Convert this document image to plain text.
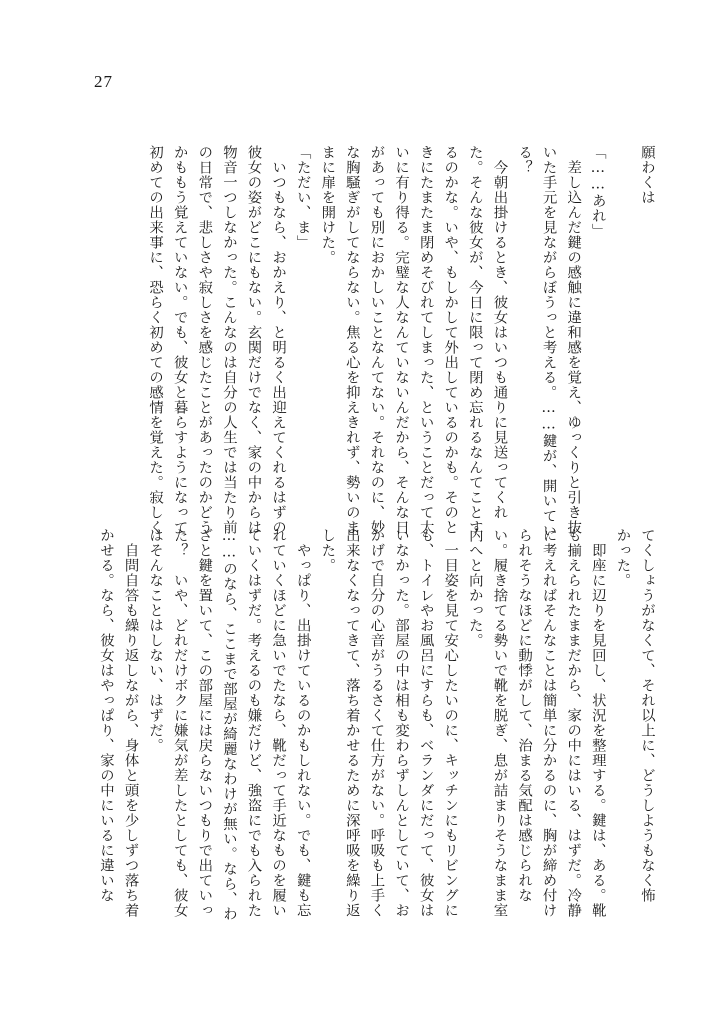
27
願わくは

「……あれ」
　差し込んだ鍵の感触に違和感を覚え、ゆっくりと引き抜
いた手元を見ながらぼうっと考える。……鍵が、開いてい
る？
　今朝出掛けるとき、彼女はいつも通りに見送ってくれ
た。そんな彼女が、今日に限って閉め忘れるなんてことす
るのかな。いや、もしかして外出しているのかも。そのと
きにたまたま閉めそびれてしまった、ということだって大
いに有り得る。完璧な人なんていないんだから、そんな日
があっても別におかしいことなんてない。それなのに、妙
な胸騒ぎがしてならない。焦る心を抑えきれず、勢いのま
まに扉を開けた。
「ただい、ま」
　いつもなら、おかえり、と明るく出迎えてくれるはずの
彼女の姿がどこにもない。玄関だけでなく、家の中からは
物音一つしなかった。こんなのは自分の人生では当たり前
の日常で、悲しさや寂しさを感じたことがあったのかどう
かももう覚えていない。でも、彼女と暮らすようになって
初めての出来事に、恐らく初めての感情を覚えた。寂しく
てくしょうがなくて、それ以上に、どうしようもなく怖
かった。
　即座に辺りを見回し、状況を整理する。鍵は、ある。靴
も揃えられたままだから、家の中にはいる、はずだ。冷静
に考えればそんなことは簡単に分かるのに、胸が締め付け
られそうなほどに動悸がして、治まる気配は感じられな
い。履き捨てる勢いで靴を脱ぎ、息が詰まりそうなまま室
内へと向かった。
　一目姿を見て安心したいのに、キッチンにもリビングに
も、トイレやお風呂にすらも、ベランダにだって、彼女は
いなかった。部屋の中は相も変わらずしんとしていて、お
かげで自分の心音がうるさくて仕方がない。呼吸も上手く
出来なくなってきて、落ち着かせるために深呼吸を繰り返
した。
　やっぱり、出掛けているのかもしれない。でも、鍵も忘
れていくほどに急いでたなら、靴だって手近なものを履い
ていくはずだ。考えるのも嫌だけど、強盗にでも入られた
……のなら、ここまで部屋が綺麗なわけが無い。なら、わ
ざと鍵を置いて、この部屋には戻らないつもりで出ていっ
た？　いや、どれだけボクに嫌気が差したとしても、彼女
はそんなことはしない、はずだ。
　自問自答も繰り返しながら、身体と頭を少しずつ落ち着
かせる。なら、彼女はやっぱり、家の中にいるに違いな
